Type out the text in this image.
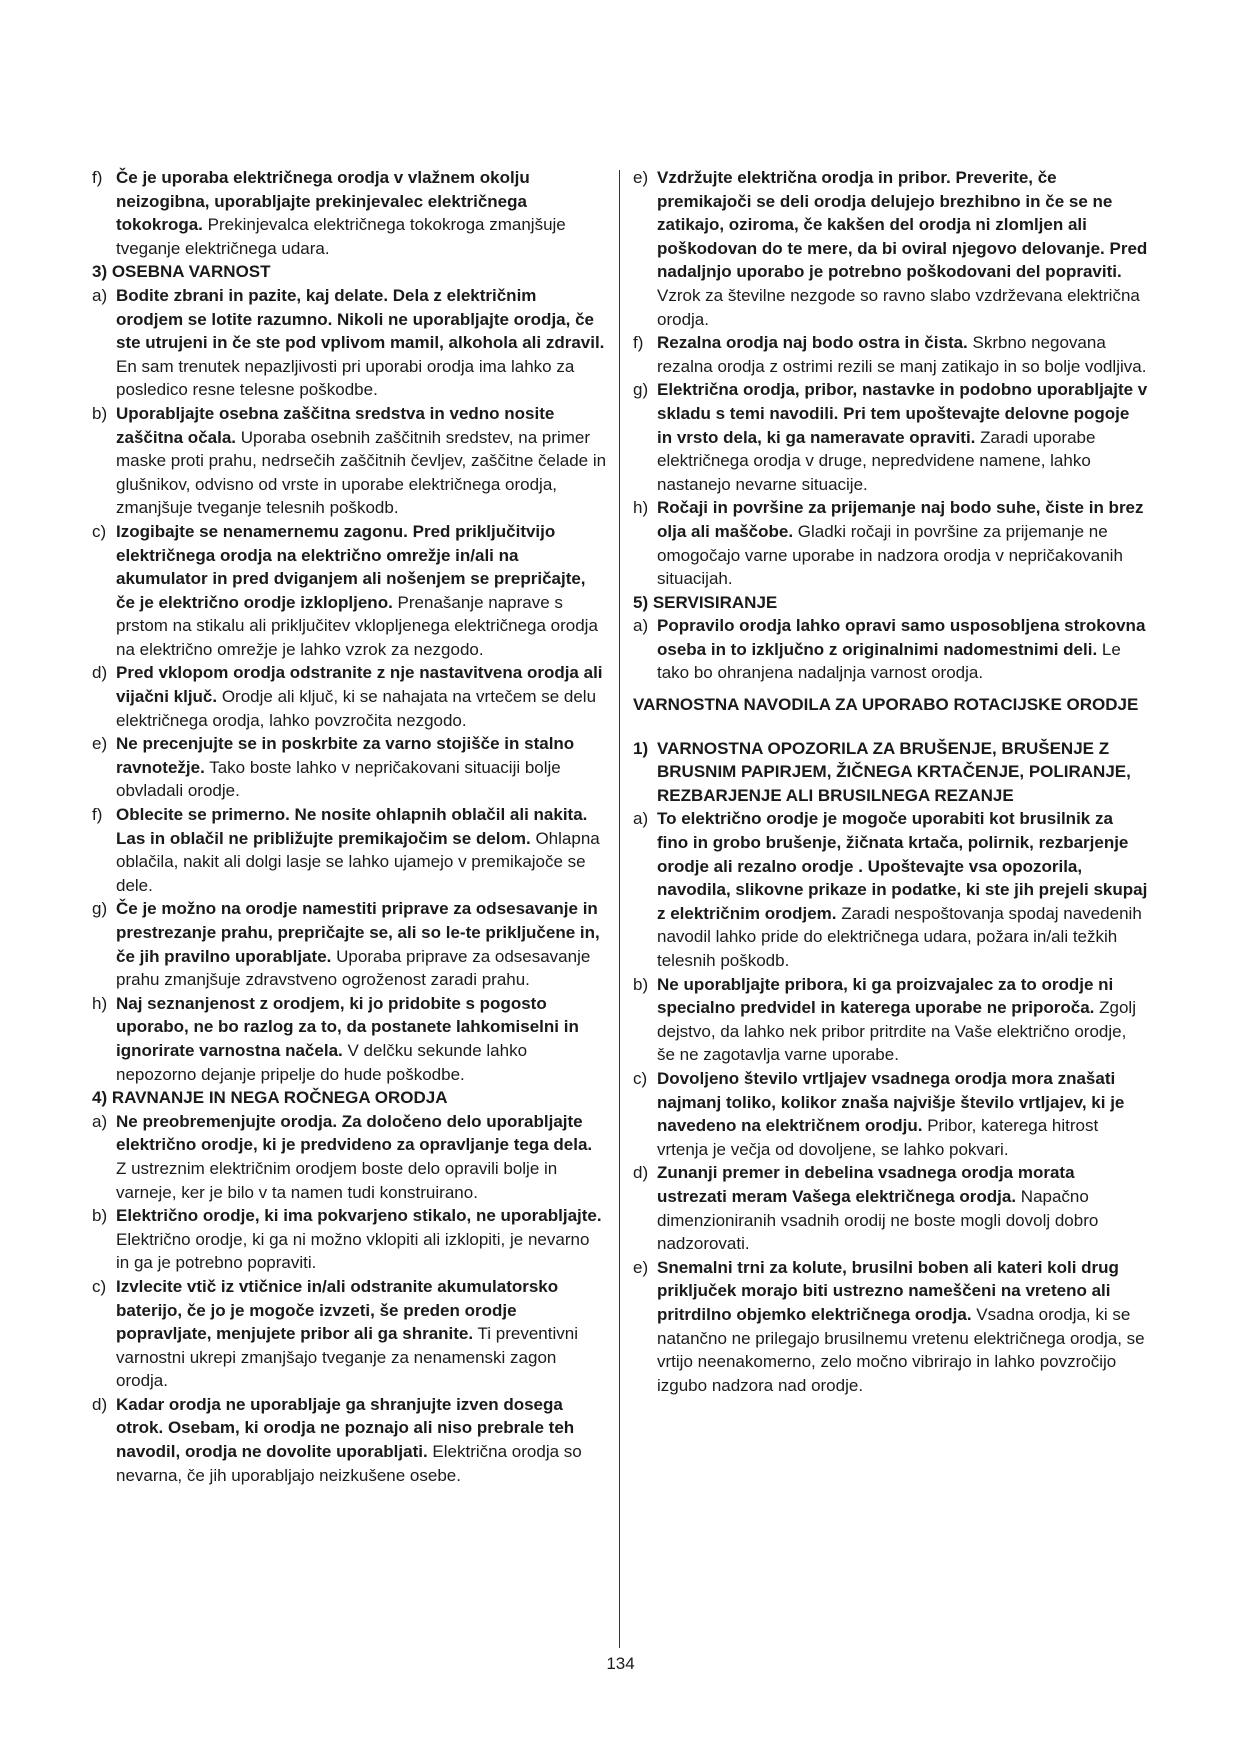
f) Če je uporaba električnega orodja v vlažnem okolju neizogibna, uporabljajte prekinjevalec električnega tokokroga. Prekinjevalca električnega tokokroga zmanjšuje tveganje električnega udara.
3) OSEBNA VARNOST
a) Bodite zbrani in pazite, kaj delate. Dela z električnim orodjem se lotite razumno. Nikoli ne uporabljajte orodja, če ste utrujeni in če ste pod vplivom mamil, alkohola ali zdravil. En sam trenutek nepazljivosti pri uporabi orodja ima lahko za posledico resne telesne poškodbe.
b) Uporabljajte osebna zaščitna sredstva in vedno nosite zaščitna očala. Uporaba osebnih zaščitnih sredstev, na primer maske proti prahu, nedrsečih zaščitnih čevljev, zaščitne čelade in glušnikov, odvisno od vrste in uporabe električnega orodja, zmanjšuje tveganje telesnih poškodb.
c) Izogibajte se nenamernemu zagonu. Pred priključitvijo električnega orodja na električno omrežje in/ali na akumulator in pred dviganjem ali nošenjem se prepričajte, če je električno orodje izklopljeno. Prenašanje naprave s prstom na stikalu ali priključitev vklopljenega električnega orodja na električno omrežje je lahko vzrok za nezgodo.
d) Pred vklopom orodja odstranite z nje nastavitvena orodja ali vijačni ključ. Orodje ali ključ, ki se nahajata na vrtečem se delu električnega orodja, lahko povzročita nezgodo.
e) Ne precenjujte se in poskrbite za varno stojišče in stalno ravnotežje. Tako boste lahko v nepričakovani situaciji bolje obvladali orodje.
f) Oblecite se primerno. Ne nosite ohlapnih oblačil ali nakita. Las in oblačil ne približujte premikajočim se delom. Ohlapna oblačila, nakit ali dolgi lasje se lahko ujamejo v premikajoče se dele.
g) Če je možno na orodje namestiti priprave za odsesavanje in prestrezanje prahu, prepričajte se, ali so le-te priključene in, če jih pravilno uporabljate. Uporaba priprave za odsesavanje prahu zmanjšuje zdravstveno ogroženost zaradi prahu.
h) Naj seznanjenost z orodjem, ki jo pridobite s pogosto uporabo, ne bo razlog za to, da postanete lahkomiselni in ignorirate varnostna načela. V delčku sekunde lahko nepozorno dejanje pripelje do hude poškodbe.
4) RAVNANJE IN NEGA ROČNEGA ORODJA
a) Ne preobremenjujte orodja. Za določeno delo uporabljajte električno orodje, ki je predvideno za opravljanje tega dela. Z ustreznim električnim orodjem boste delo opravili bolje in varneje, ker je bilo v ta namen tudi konstruirano.
b) Električno orodje, ki ima pokvarjeno stikalo, ne uporabljajte. Električno orodje, ki ga ni možno vklopiti ali izklopiti, je nevarno in ga je potrebno popraviti.
c) Izvlecite vtič iz vtičnice in/ali odstranite akumulatorsko baterijo, če jo je mogoče izvzeti, še preden orodje popravljate, menjujete pribor ali ga shranite. Ti preventivni varnostni ukrepi zmanjšajo tveganje za nenamenski zagon orodja.
d) Kadar orodja ne uporabljaje ga shranjujte izven dosega otrok. Osebam, ki orodja ne poznajo ali niso prebrale teh navodil, orodja ne dovolite uporabljati. Električna orodja so nevarna, če jih uporabljajo neizkušene osebe.
e) Vzdržujte električna orodja in pribor. Preverite, če premikajoči se deli orodja delujejo brezhibno in če se ne zatikajo, oziroma, če kakšen del orodja ni zlomljen ali poškodovan do te mere, da bi oviral njegovo delovanje. Pred nadaljnjo uporabo je potrebno poškodovani del popraviti. Vzrok za številne nezgode so ravno slabo vzdrževana električna orodja.
f) Rezalna orodja naj bodo ostra in čista. Skrbno negovana rezalna orodja z ostrimi rezili se manj zatikajo in so bolje vodljiva.
g) Električna orodja, pribor, nastavke in podobno uporabljajte v skladu s temi navodili. Pri tem upoštevajte delovne pogoje in vrsto dela, ki ga nameravate opraviti. Zaradi uporabe električnega orodja v druge, nepredvidene namene, lahko nastanejo nevarne situacije.
h) Ročaji in površine za prijemanje naj bodo suhe, čiste in brez olja ali maščobe. Gladki ročaji in površine za prijemanje ne omogočajo varne uporabe in nadzora orodja v nepričakovanih situacijah.
5) SERVISIRANJE
a) Popravilo orodja lahko opravi samo usposobljena strokovna oseba in to izključno z originalnimi nadomestnimi deli. Le tako bo ohranjena nadaljnja varnost orodja.
VARNOSTNA NAVODILA ZA UPORABO ROTACIJSKE ORODJE
1) VARNOSTNA OPOZORILA ZA BRUŠENJE, BRUŠENJE Z BRUSNIM PAPIRJEM, ŽIČNEGA KRTAČENJE, POLIRANJE, REZBARJENJE ALI BRUSILNEGA REZANJE
a) To električno orodje je mogoče uporabiti kot brusilnik za fino in grobo brušenje, žičnata krtača, polirnik, rezbarjenje orodje ali rezalno orodje . Upoštevajte vsa opozorila, navodila, slikovne prikaze in podatke, ki ste jih prejeli skupaj z električnim orodjem. Zaradi nespoštovanja spodaj navedenih navodil lahko pride do električnega udara, požara in/ali težkih telesnih poškodb.
b) Ne uporabljajte pribora, ki ga proizvajalec za to orodje ni specialno predvidel in katerega uporabe ne priporoča. Zgolj dejstvo, da lahko nek pribor pritrdite na Vaše električno orodje, še ne zagotavlja varne uporabe.
c) Dovoljeno število vrtljajev vsadnega orodja mora znašati najmanj toliko, kolikor znaša najvišje število vrtljajev, ki je navedeno na električnem orodju. Pribor, katerega hitrost vrtenja je večja od dovoljene, se lahko pokvari.
d) Zunanji premer in debelina vsadnega orodja morata ustrezati meram Vašega električnega orodja. Napačno dimenzioniranih vsadnih orodij ne boste mogli dovolj dobro nadzorovati.
e) Snemalni trni za kolute, brusilni boben ali kateri koli drug priključek morajo biti ustrezno nameščeni na vreteno ali pritrdilno objemko električnega orodja. Vsadna orodja, ki se natančno ne prilegajo brusilnemu vretenu električnega orodja, se vrtijo neenakomerno, zelo močno vibrirajo in lahko povzročijo izgubo nadzora nad orodje.
134
